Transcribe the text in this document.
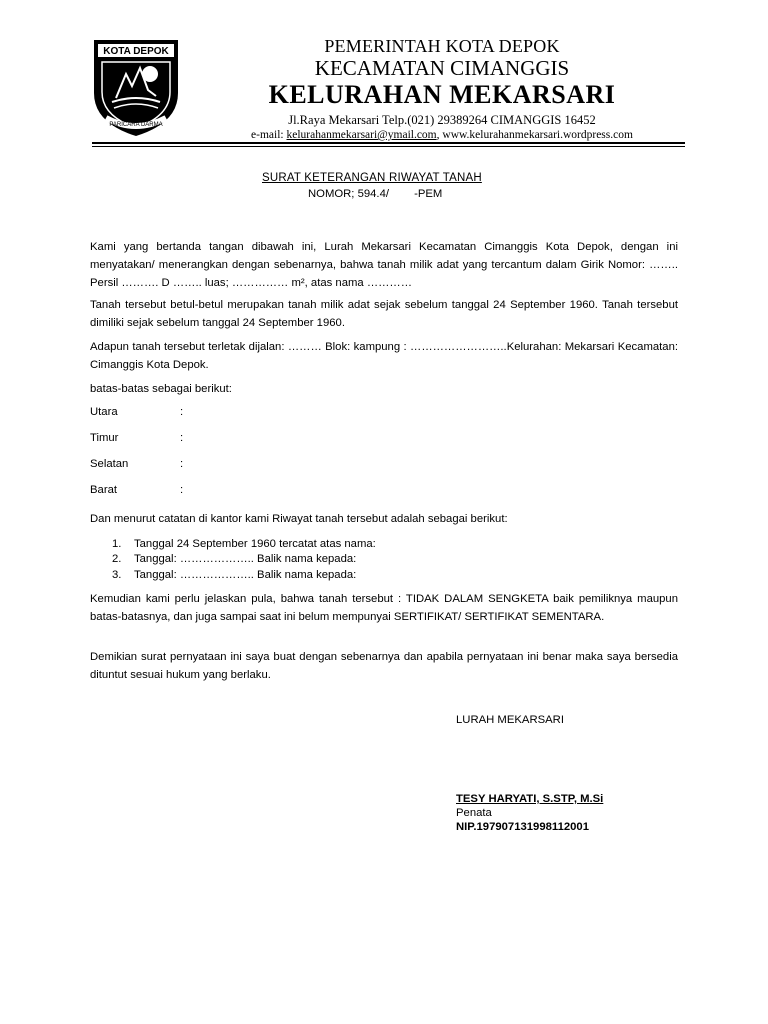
KOTA DEPOK
PARICARA DARMA
PEMERINTAH KOTA DEPOK
KECAMATAN CIMANGGIS
KELURAHAN MEKARSARI
Jl.Raya Mekarsari Telp.(021) 29389264 CIMANGGIS 16452
e-mail: kelurahanmekarsari@ymail.com, www.kelurahanmekarsari.wordpress.com
SURAT KETERANGAN RIWAYAT TANAH
NOMOR; 594.4/        -PEM
Kami yang bertanda tangan dibawah ini, Lurah Mekarsari Kecamatan Cimanggis Kota Depok, dengan ini menyatakan/ menerangkan dengan sebenarnya, bahwa tanah milik adat yang tercantum dalam Girik Nomor: …….. Persil ………. D …….. luas; …………… m², atas nama …………
Tanah tersebut betul-betul merupakan tanah milik adat sejak sebelum tanggal 24 September 1960. Tanah tersebut dimiliki sejak sebelum tanggal 24 September 1960.
Adapun tanah tersebut terletak dijalan: ……… Blok: kampung : ……………………..Kelurahan: Mekarsari Kecamatan: Cimanggis Kota Depok.
batas-batas sebagai berikut:
Utara	:
Timur	:
Selatan	:
Barat	:
Dan menurut catatan di kantor kami Riwayat tanah tersebut adalah sebagai berikut:
1. Tanggal 24 September 1960 tercatat atas nama:
2. Tanggal: ……………….. Balik nama kepada:
3. Tanggal: ……………….. Balik nama kepada:
Kemudian kami perlu jelaskan pula, bahwa tanah tersebut : TIDAK DALAM SENGKETA baik pemiliknya maupun batas-batasnya, dan juga sampai saat ini belum mempunyai SERTIFIKAT/ SERTIFIKAT SEMENTARA.
Demikian surat pernyataan ini saya buat dengan sebenarnya dan apabila pernyataan ini benar maka saya bersedia dituntut sesuai hukum yang berlaku.
LURAH MEKARSARI
TESY HARYATI, S.STP, M.Si
Penata
NIP.197907131998112001
